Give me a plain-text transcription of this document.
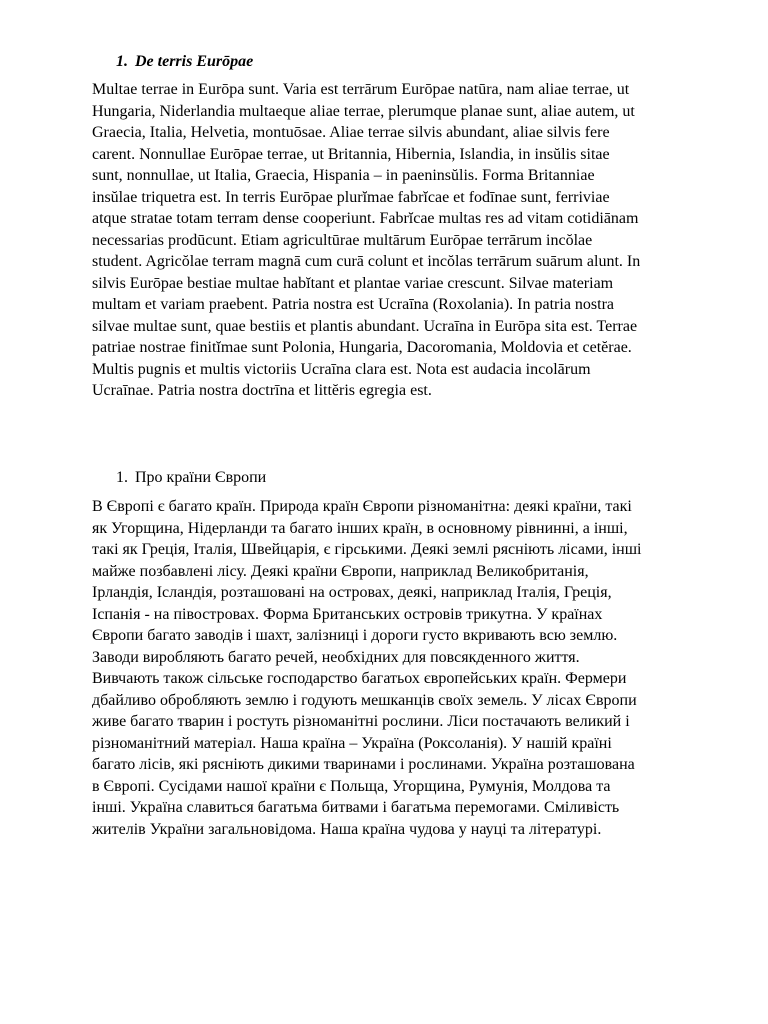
1. De terris Eurōpae

Multae terrae in Eurōpa sunt. Varia est terrārum Eurōpae natūra, nam aliae terrae, ut
Hungaria, Niderlandia multaeque aliae terrae, plerumque planae sunt, aliae autem, ut
Graecia, Italia, Helvetia, montuōsae. Aliae terrae silvis abundant, aliae silvis fere
carent. Nonnullae Eurōpae terrae, ut Britannia, Hibernia, Islandia, in insŭlis sitae
sunt, nonnullae, ut Italia, Graecia, Hispania – in paeninsŭlis. Forma Britanniae
insŭlae triquetra est. In terris Eurōpae plurĭmae fabrĭcae et fodīnae sunt, ferriviae
atque stratae totam terram dense cooperiunt. Fabrĭcae multas res ad vitam cotidiānam
necessarias prodūcunt. Etiam agricultūrae multārum Eurōpae terrārum incŏlae
student. Agricŏlae terram magnā cum curā colunt et incŏlas terrārum suārum alunt. In
silvis Eurōpae bestiae multae habĭtant et plantae variae crescunt. Silvae materiam
multam et variam praebent. Patria nostra est Ucraīna (Roxolania). In patria nostra
silvae multae sunt, quae bestiis et plantis abundant. Ucraīna in Eurōpa sita est. Terrae
patriae nostrae finitĭmae sunt Polonia, Hungaria, Dacoromania, Moldovia et cetĕrae.
Multis pugnis et multis victoriis Ucraīna clara est. Nota est audacia incolārum
Ucraīnae. Patria nostra doctrīna et littĕris egregia est.

1. Про країни Європи

В Європі є багато країн. Природа країн Європи різноманітна: деякі країни, такі
як Угорщина, Нідерланди та багато інших країн, в основному рівнинні, а інші,
такі як Греція, Італія, Швейцарія, є гірськими. Деякі землі рясніють лісами, інші
майже позбавлені лісу. Деякі країни Європи, наприклад Великобританія,
Ірландія, Ісландія, розташовані на островах, деякі, наприклад Італія, Греція,
Іспанія - на півостровах. Форма Британських островів трикутна. У країнах
Європи багато заводів і шахт, залізниці і дороги густо вкривають всю землю.
Заводи виробляють багато речей, необхідних для повсякденного життя.
Вивчають також сільське господарство багатьох європейських країн. Фермери
дбайливо обробляють землю і годують мешканців своїх земель. У лісах Європи
живе багато тварин і ростуть різноманітні рослини. Ліси постачають великий і
різноманітний матеріал. Наша країна – Україна (Роксоланія). У нашій країні
багато лісів, які рясніють дикими тваринами і рослинами. Україна розташована
в Європі. Сусідами нашої країни є Польща, Угорщина, Румунія, Молдова та
інші. Україна славиться багатьма битвами і багатьма перемогами. Сміливість
жителів України загальновідома. Наша країна чудова у науці та літературі.
